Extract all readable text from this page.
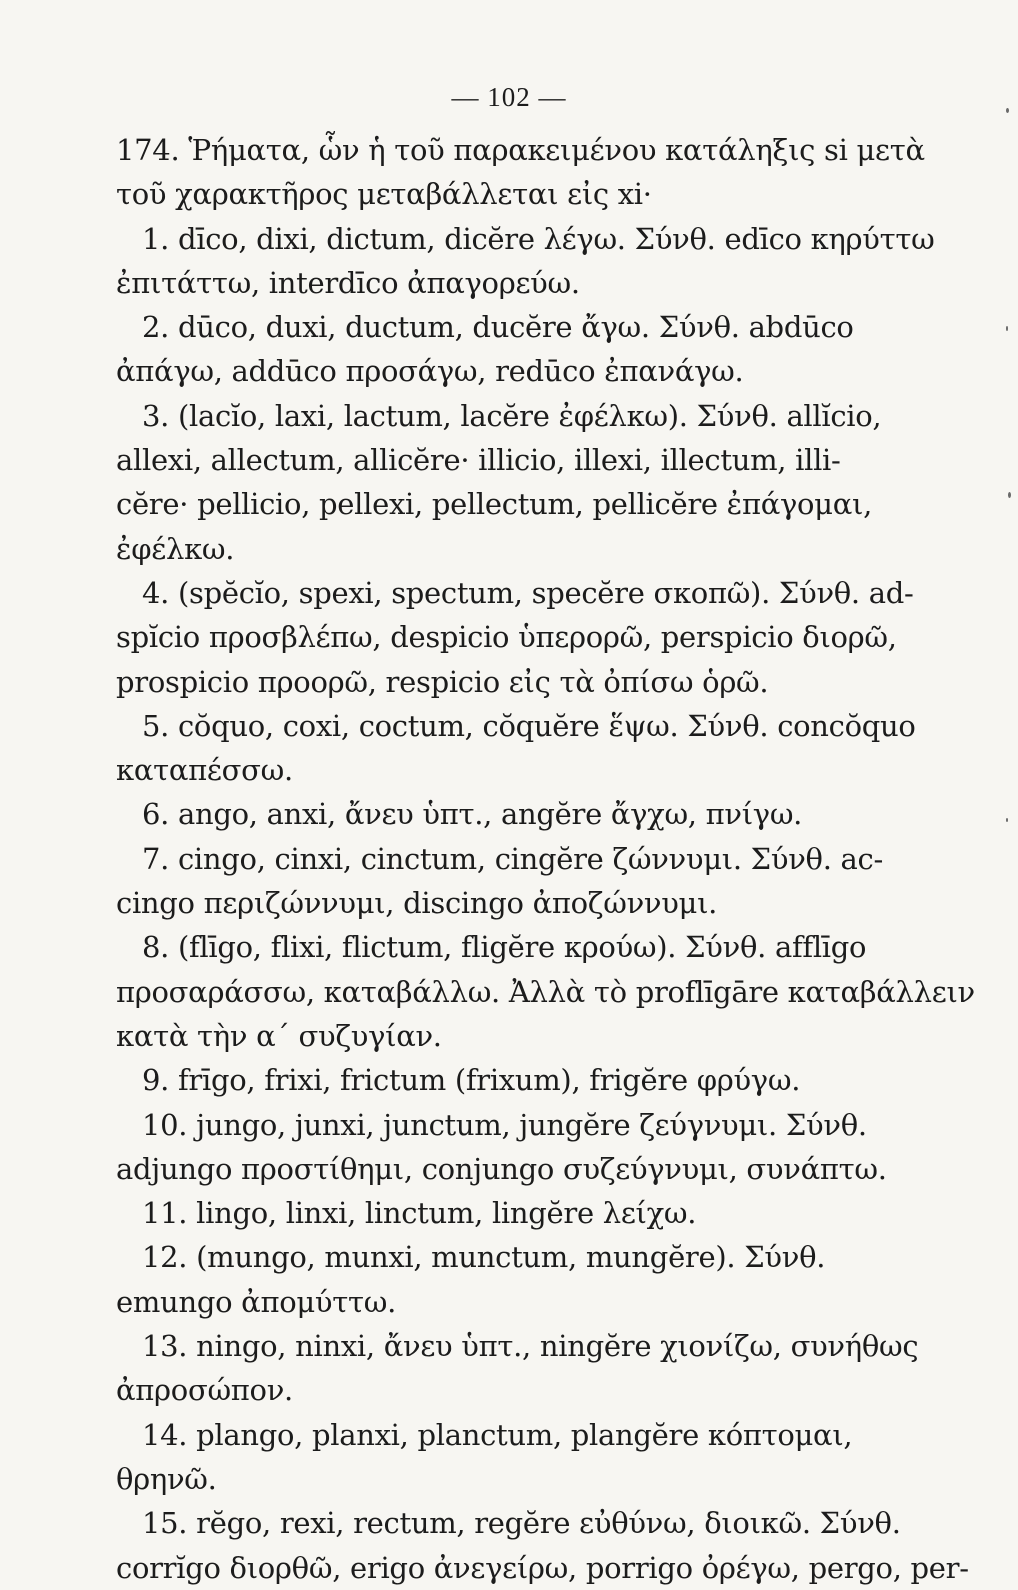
— 102 —
174. Ῥήματα, ὧν ἡ τοῦ παρακειμένου κατάληξις si μετὰ
τοῦ χαρακτῆρος μεταβάλλεται εἰς xi·
1. dīco, dixi, dictum, dicĕre λέγω. Σύνθ. edīco κηρύττω
ἐπιτάττω, interdīco ἀπαγορεύω.
2. dūco, duxi, ductum, ducĕre ἄγω. Σύνθ. abdūco
ἀπάγω, addūco προσάγω, redūco ἐπανάγω.
3. (lacĭo, laxi, lactum, lacĕre ἐφέλκω). Σύνθ. allĭcio,
allexi, allectum, allicĕre· illicio, illexi, illectum, illi-
cĕre· pellicio, pellexi, pellectum, pellicĕre ἐπάγομαι,
ἐφέλκω.
4. (spĕcĭo, spexi, spectum, specĕre σκοπῶ). Σύνθ. ad-
spĭcio προσβλέπω, despicio ὑπερορῶ, perspicio διορῶ,
prospicio προορῶ, respicio εἰς τὰ ὀπίσω ὁρῶ.
5. cŏquo, coxi, coctum, cŏquĕre ἕψω. Σύνθ. concŏquo
καταπέσσω.
6. ango, anxi, ἄνευ ὑπτ., angĕre ἄγχω, πνίγω.
7. cingo, cinxi, cinctum, cingĕre ζώννυμι. Σύνθ. ac-
cingo περιζώννυμι, discingo ἀποζώννυμι.
8. (flīgo, flixi, flictum, fligĕre κρούω). Σύνθ. afflīgo
προσαράσσω, καταβάλλω. Ἀλλὰ τὸ proflīgāre καταβάλλειν
κατὰ τὴν α΄ συζυγίαν.
9. frīgo, frixi, frictum (frixum), frigĕre φρύγω.
10. jungo, junxi, junctum, jungĕre ζεύγνυμι. Σύνθ.
adjungo προστίθημι, conjungo συζεύγνυμι, συνάπτω.
11. lingo, linxi, linctum, lingĕre λείχω.
12. (mungo, munxi, munctum, mungĕre). Σύνθ.
emungo ἀπομύττω.
13. ningo, ninxi, ἄνευ ὑπτ., ningĕre χιονίζω, συνήθως
ἀπροσώπον.
14. plango, planxi, planctum, plangĕre κόπτομαι,
θρηνῶ.
15. rĕgo, rexi, rectum, regĕre εὐθύνω, διοικῶ. Σύνθ.
corrĭgo διορθῶ, erigo ἀνεγείρω, porrigo ὀρέγω, pergo, per-
